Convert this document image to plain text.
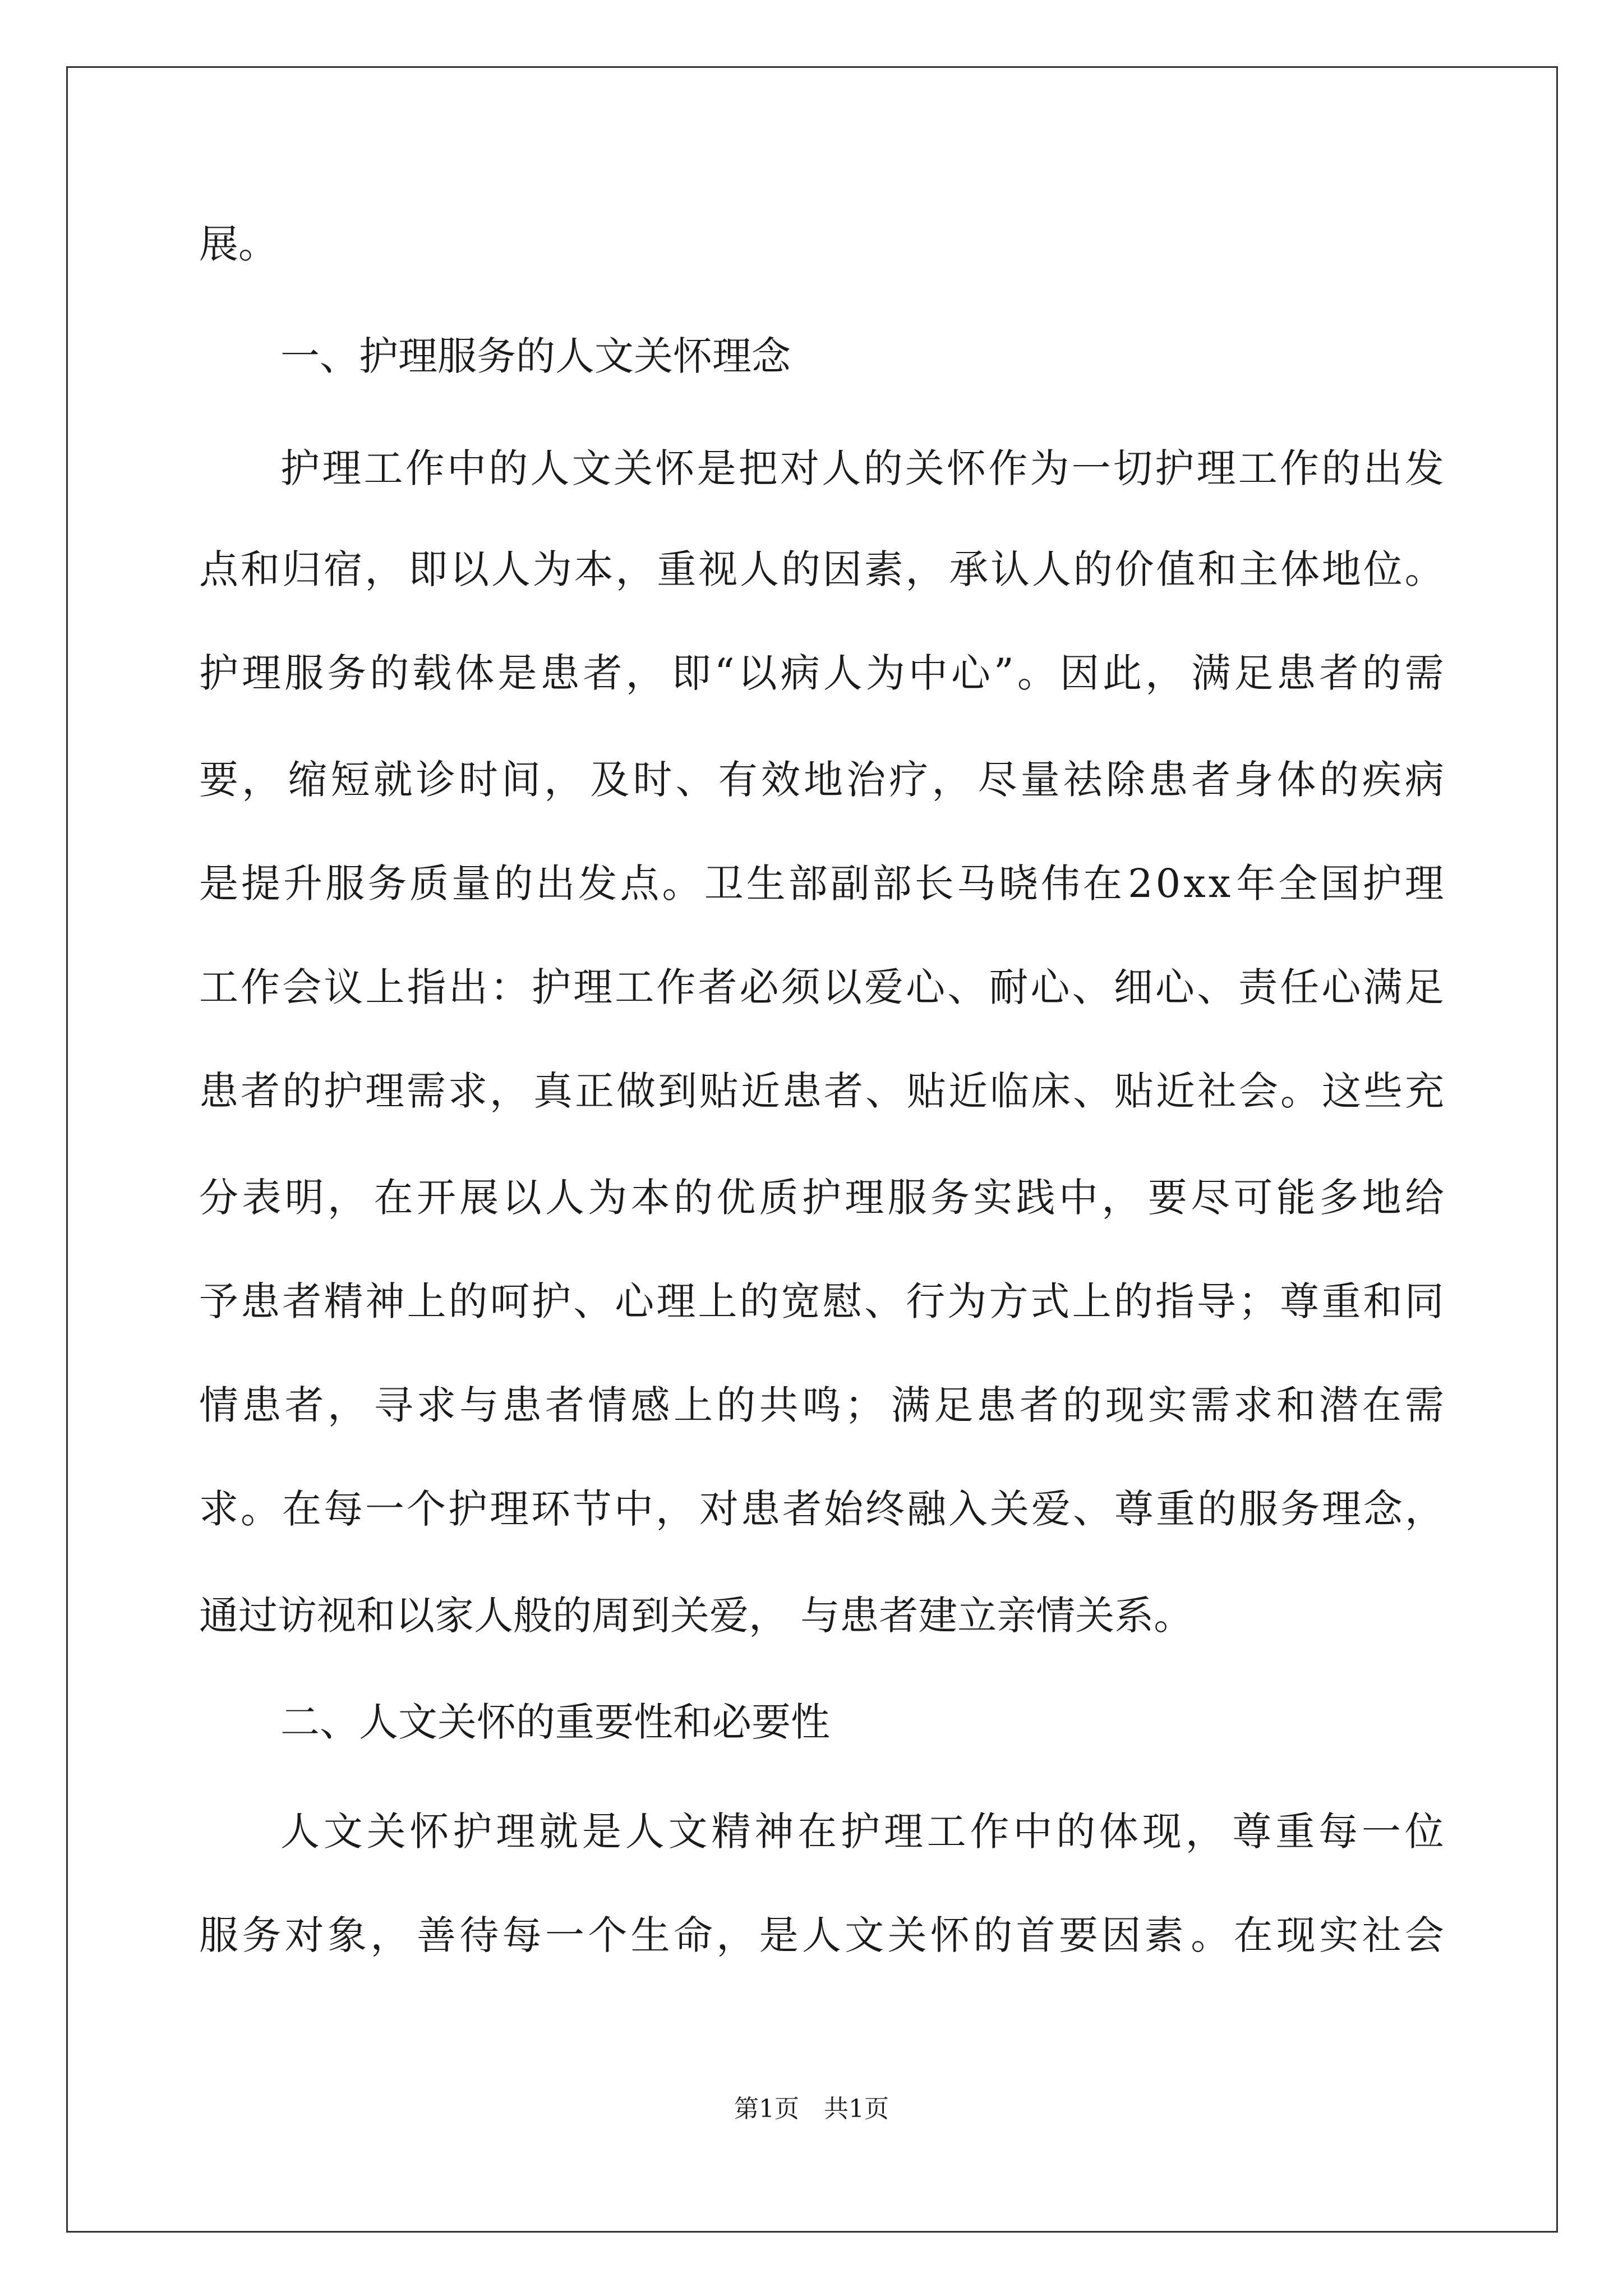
展。
一、护理服务的人文关怀理念
护 理 工 作 中 的 人 文 关 怀 是 把 对 人 的 关 怀 作 为 一 切 护 理 工 作 的 出 发
点 和 归 宿 ， 即 以 人 为 本 ， 重 视 人 的 因 素 ， 承 认 人 的 价 值 和 主 体 地 位 。
护 理 服 务 的 载 体 是 患 者 ， 即 “ 以 病 人 为 中 心 ” 。 因 此 ， 满 足 患 者 的 需
要 ， 缩 短 就 诊 时 间 ， 及 时 、 有 效 地 治 疗 ， 尽 量 祛 除 患 者 身 体 的 疾 病
是 提 升 服 务 质 量 的 出 发 点 。 卫 生 部 副 部 长 马 晓 伟 在 2 0 x x 年 全 国 护 理
工 作 会 议 上 指 出 ： 护 理 工 作 者 必 须 以 爱 心 、 耐 心 、 细 心 、 责 任 心 满 足
患 者 的 护 理 需 求 ， 真 正 做 到 贴 近 患 者 、 贴 近 临 床 、 贴 近 社 会 。 这 些 充
分 表 明 ， 在 开 展 以 人 为 本 的 优 质 护 理 服 务 实 践 中 ， 要 尽 可 能 多 地 给
予 患 者 精 神 上 的 呵 护 、 心 理 上 的 宽 慰 、 行 为 方 式 上 的 指 导 ； 尊 重 和 同
情 患 者 ， 寻 求 与 患 者 情 感 上 的 共 鸣 ； 满 足 患 者 的 现 实 需 求 和 潜 在 需
求 。 在 每 一 个 护 理 环 节 中 ， 对 患 者 始 终 融 入 关 爱 、 尊 重 的 服 务 理 念 ，
通过访视和以家人般的周到关爱， 与患者建立亲情关系。
二、人文关怀的重要性和必要性
人 文 关 怀 护 理 就 是 人 文 精 神 在 护 理 工 作 中 的 体 现 ， 尊 重 每 一 位
服 务 对 象 ， 善 待 每 一 个 生 命 ， 是 人 文 关 怀 的 首 要 因 素 。 在 现 实 社 会
第1页　共1页
